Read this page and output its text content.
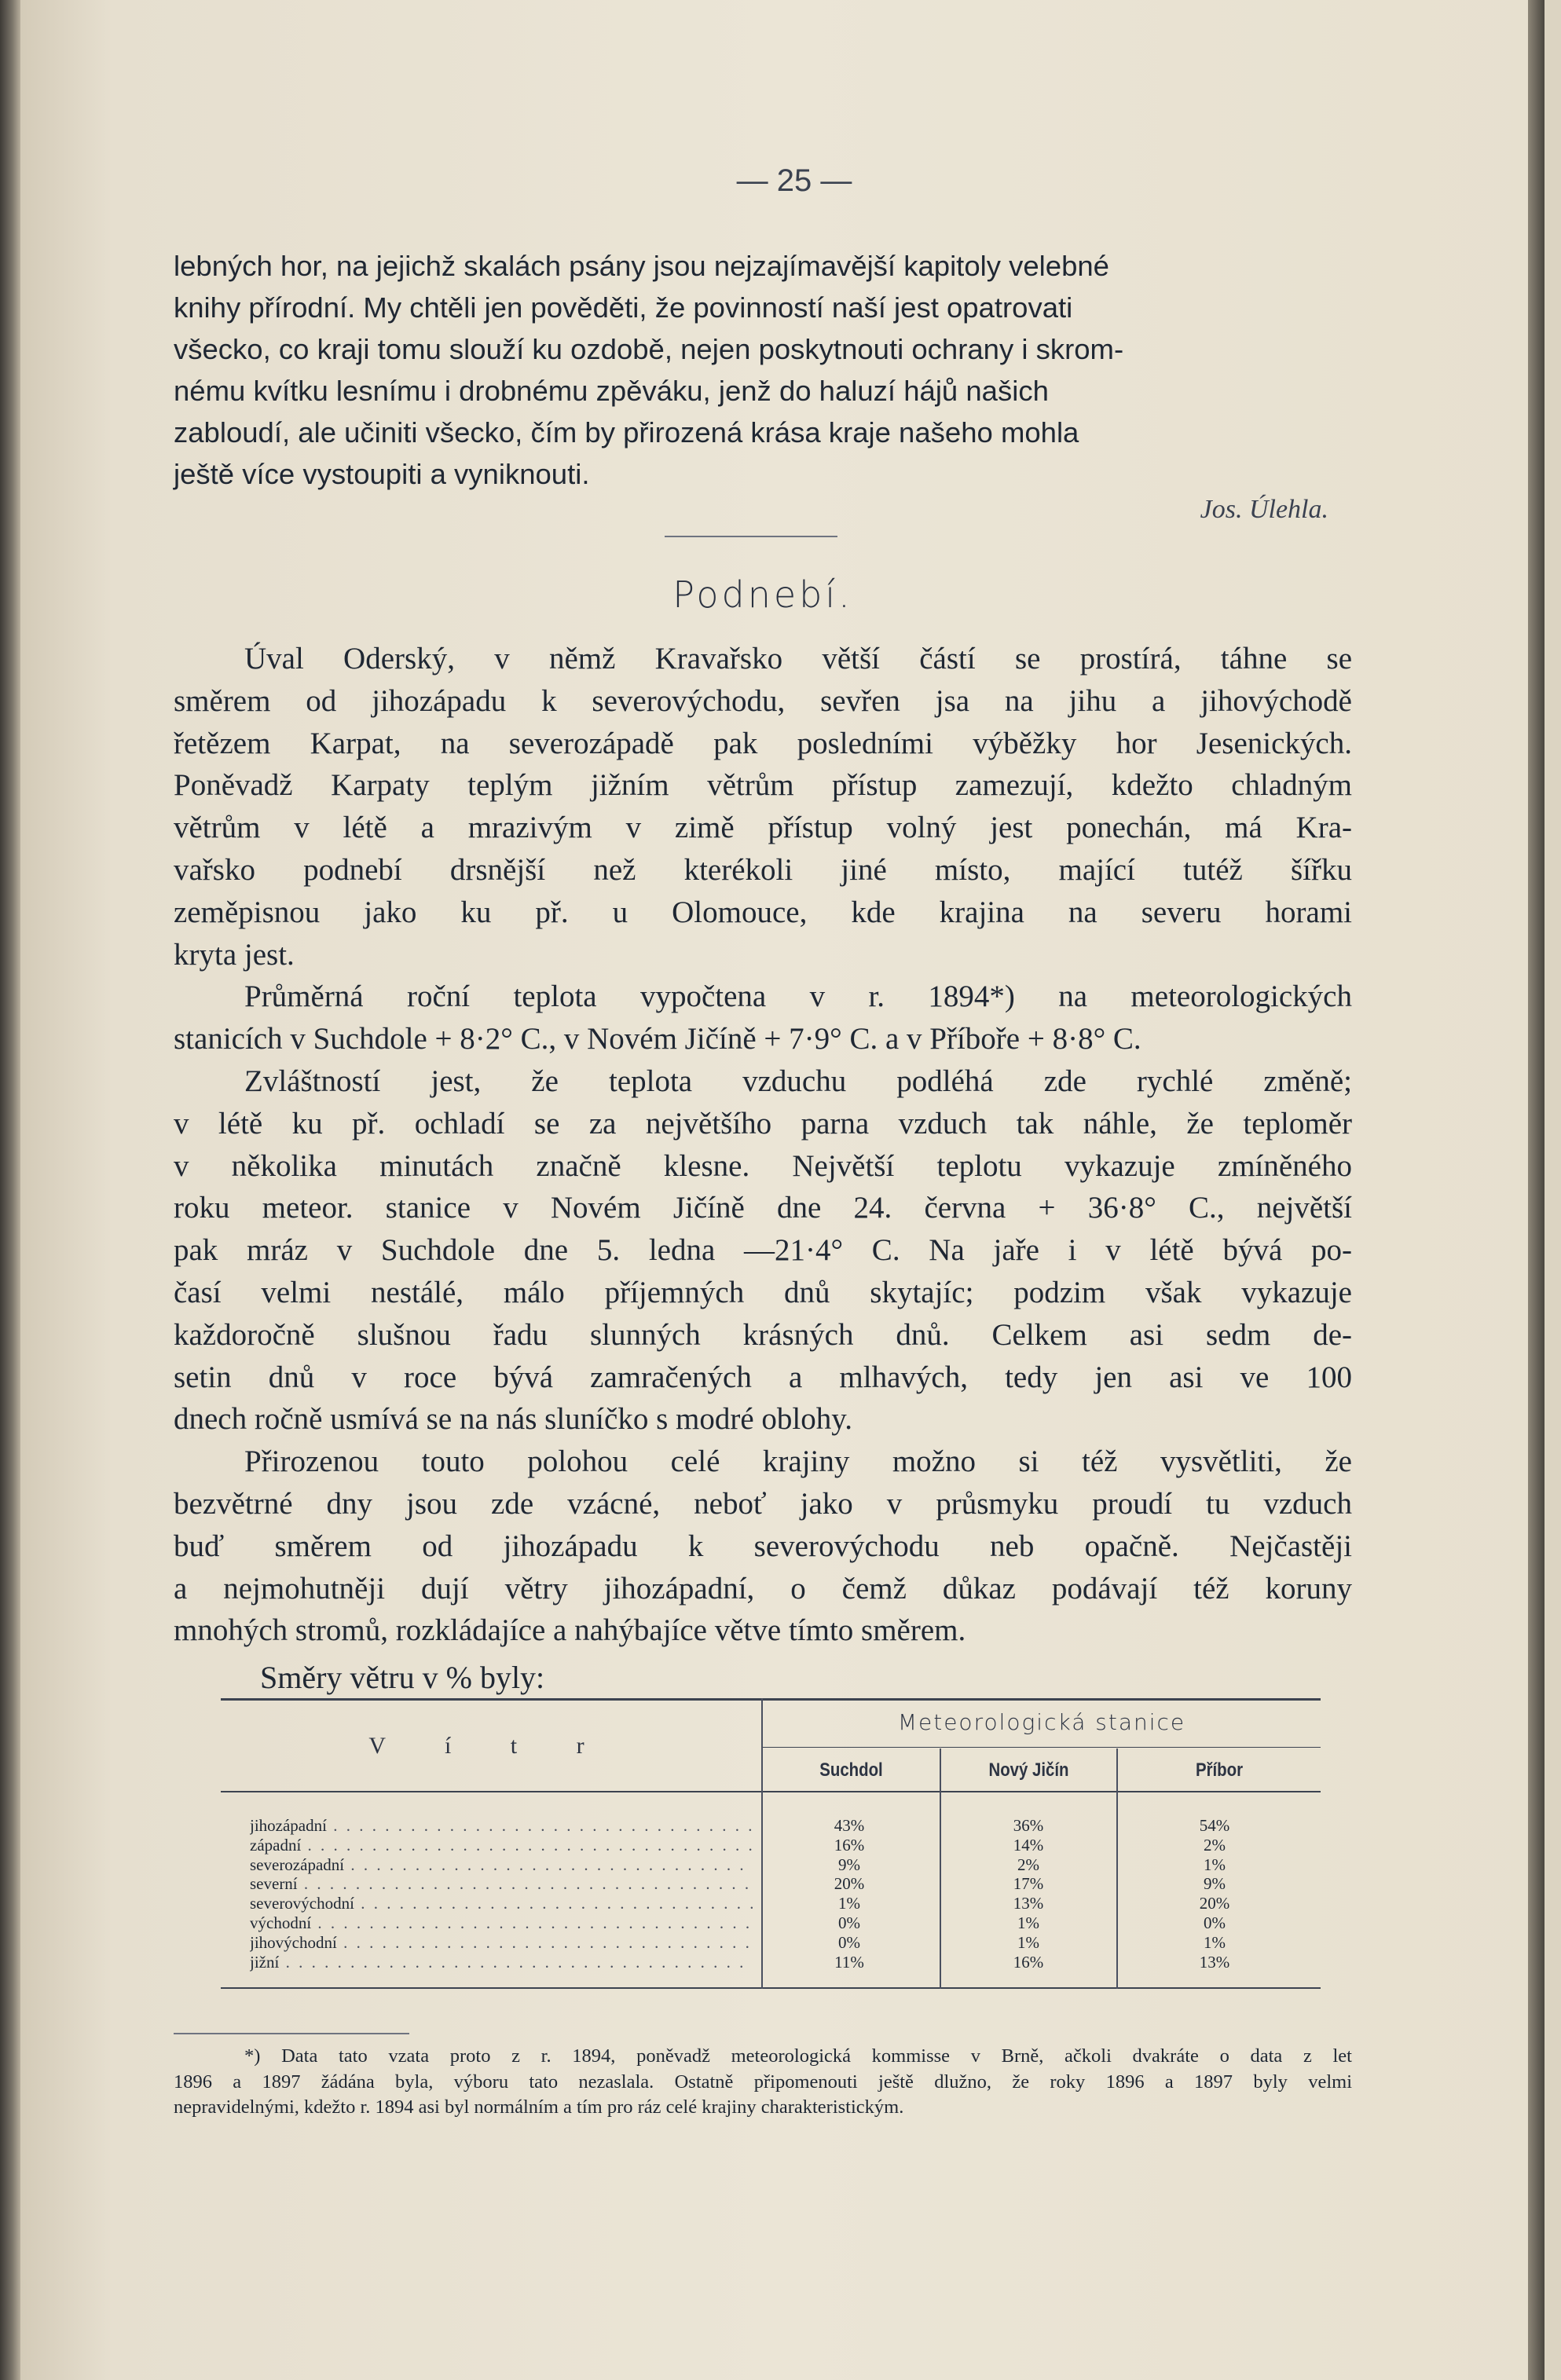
— 25 —
lebných hor, na jejichž skalách psány jsou nejzajímavější kapitoly velebné
knihy přírodní. My chtěli jen pověděti, že povinností naší jest opatrovati
všecko, co kraji tomu slouží ku ozdobě, nejen poskytnouti ochrany i skrom-
nému kvítku lesnímu i drobnému zpěváku, jenž do haluzí hájů našich
zabloudí, ale učiniti všecko, čím by přirozená krása kraje našeho mohla
ještě více vystoupiti a vyniknouti.
Jos. Úlehla.
Podnebí.
Úval Oderský, v němž Kravařsko větší částí se prostírá, táhne se
směrem od jihozápadu k severovýchodu, sevřen jsa na jihu a jihovýchodě
řetězem Karpat, na severozápadě pak posledními výběžky hor Jesenických.
Poněvadž Karpaty teplým jižním větrům přístup zamezují, kdežto chladným
větrům v létě a mrazivým v zimě přístup volný jest ponechán, má Kra-
vařsko podnebí drsnější než kterékoli jiné místo, mající tutéž šířku
zeměpisnou jako ku př. u Olomouce, kde krajina na severu horami
kryta jest.
Průměrná roční teplota vypočtena v r. 1894*) na meteorologických
stanicích v Suchdole + 8·2° C., v Novém Jičíně + 7·9° C. a v Příboře + 8·8° C.
Zvláštností jest, že teplota vzduchu podléhá zde rychlé změně;
v létě ku př. ochladí se za největšího parna vzduch tak náhle, že teploměr
v několika minutách značně klesne. Největší teplotu vykazuje zmíněného
roku meteor. stanice v Novém Jičíně dne 24. června + 36·8° C., největší
pak mráz v Suchdole dne 5. ledna —21·4° C. Na jaře i v létě bývá po-
časí velmi nestálé, málo příjemných dnů skytajíc; podzim však vykazuje
každoročně slušnou řadu slunných krásných dnů. Celkem asi sedm de-
setin dnů v roce bývá zamračených a mlhavých, tedy jen asi ve 100
dnech ročně usmívá se na nás sluníčko s modré oblohy.
Přirozenou touto polohou celé krajiny možno si též vysvětliti, že
bezvětrné dny jsou zde vzácné, neboť jako v průsmyku proudí tu vzduch
buď směrem od jihozápadu k severovýchodu neb opačně. Nejčastěji
a nejmohutněji dují větry jihozápadní, o čemž důkaz podávají též koruny
mnohých stromů, rozkládajíce a nahýbajíce větve tímto směrem.
Směry větru v % byly:
V í t r
Meteorologická stanice
Suchdol	Nový Jičín	Příbor
jihozápadní . . .	43%	36%	54%
západní . . .	16%	14%	2%
severozápadní . . .	9%	2%	1%
severní . . .	20%	17%	9%
severovýchodní . . .	1%	13%	20%
východní . . .	0%	1%	0%
jihovýchodní . . .	0%	1%	1%
jižní . . .	11%	16%	13%
*) Data tato vzata proto z r. 1894, poněvadž meteorologická kommisse v Brně, ačkoli dvakráte o data z let
1896 a 1897 žádána byla, výboru tato nezaslala. Ostatně připomenouti ještě dlužno, že roky 1896 a 1897 byly velmi
nepravidelnými, kdežto r. 1894 asi byl normálním a tím pro ráz celé krajiny charakteristickým.
